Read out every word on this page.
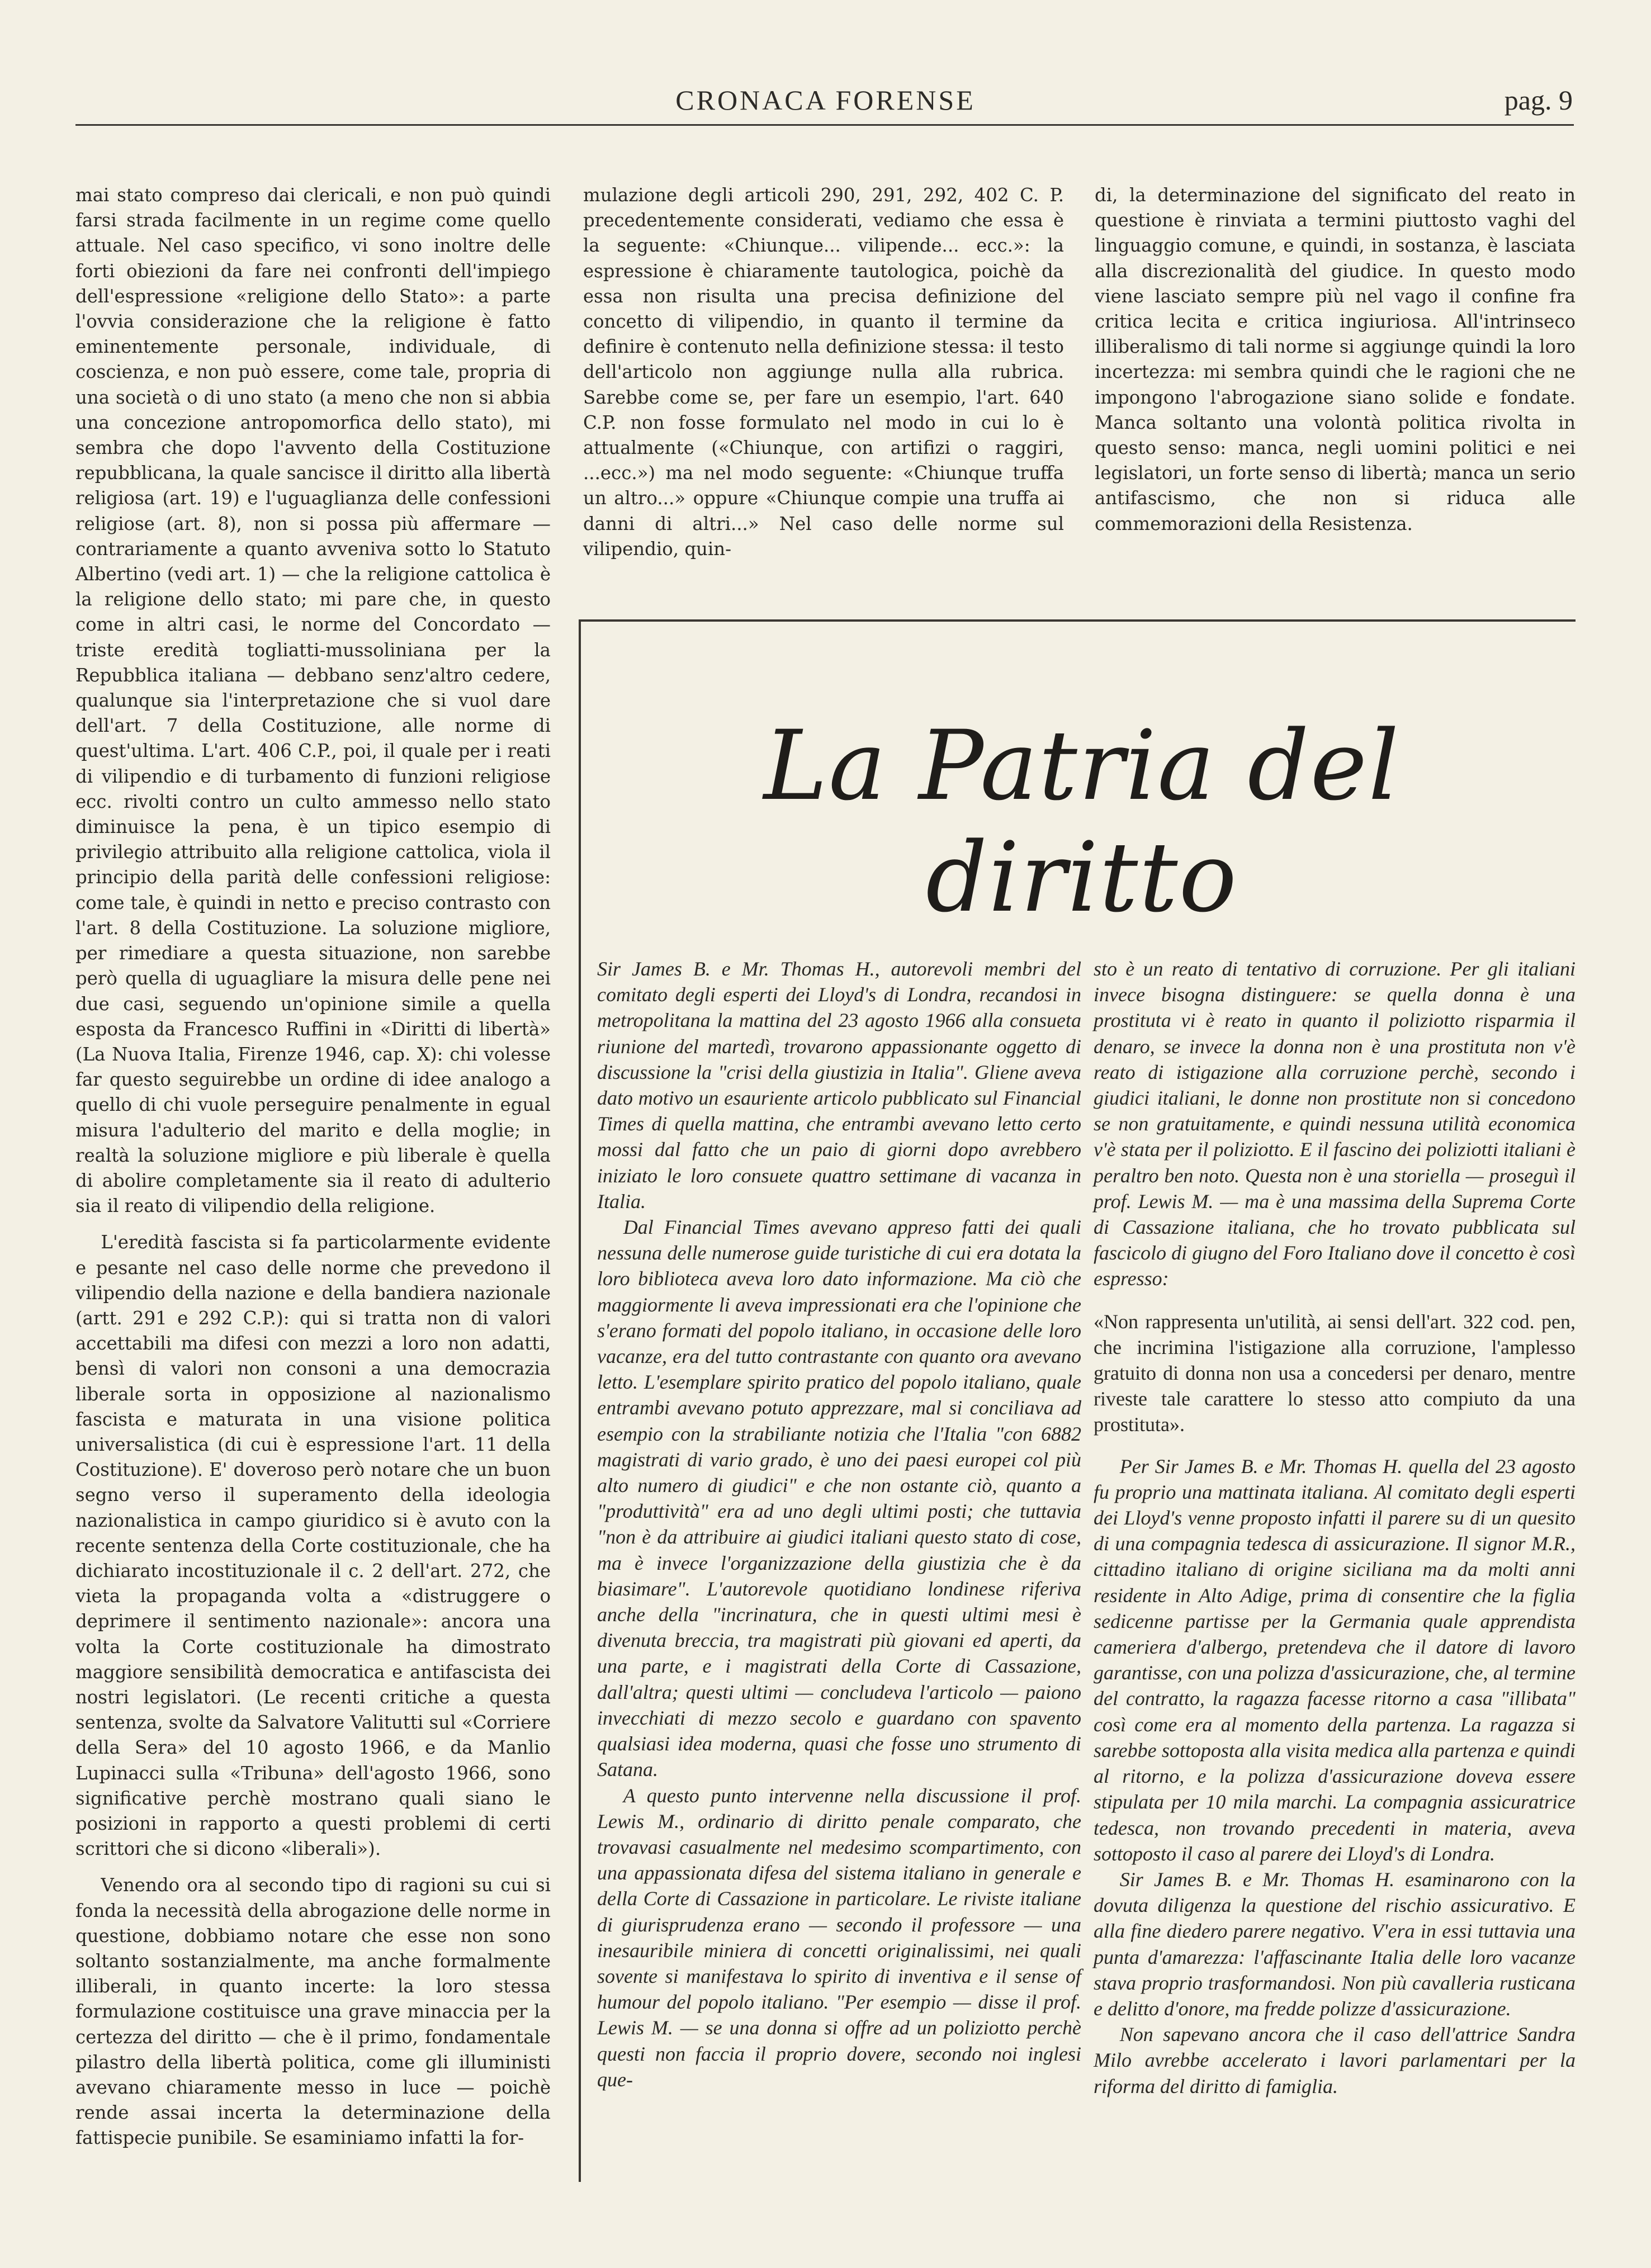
CRONACA FORENSE	pag. 9

mai stato compreso dai clericali, e non può quindi farsi strada facilmente in un regime come quello attuale. Nel caso specifico, vi sono inoltre delle forti obiezioni da fare nei confronti dell'impiego dell'espressione «religione dello Stato»: a parte l'ovvia considerazione che la religione è fatto eminentemente personale, individuale, di coscienza, e non può essere, come tale, propria di una società o di uno stato (a meno che non si abbia una concezione antropomorfica dello stato), mi sembra che dopo l'avvento della Costituzione repubblicana, la quale sancisce il diritto alla libertà religiosa (art. 19) e l'uguaglianza delle confessioni religiose (art. 8), non si possa più affermare — contrariamente a quanto avveniva sotto lo Statuto Albertino (vedi art. 1) — che la religione cattolica è la religione dello stato; mi pare che, in questo come in altri casi, le norme del Concordato — triste eredità togliatti-mussoliniana per la Repubblica italiana — debbano senz'altro cedere, qualunque sia l'interpretazione che si vuol dare dell'art. 7 della Costituzione, alle norme di quest'ultima. L'art. 406 C.P., poi, il quale per i reati di vilipendio e di turbamento di funzioni religiose ecc. rivolti contro un culto ammesso nello stato diminuisce la pena, è un tipico esempio di privilegio attribuito alla religione cattolica, viola il principio della parità delle confessioni religiose: come tale, è quindi in netto e preciso contrasto con l'art. 8 della Costituzione. La soluzione migliore, per rimediare a questa situazione, non sarebbe però quella di uguagliare la misura delle pene nei due casi, seguendo un'opinione simile a quella esposta da Francesco Ruffini in «Diritti di libertà» (La Nuova Italia, Firenze 1946, cap. X): chi volesse far questo seguirebbe un ordine di idee analogo a quello di chi vuole perseguire penalmente in egual misura l'adulterio del marito e della moglie; in realtà la soluzione migliore e più liberale è quella di abolire completamente sia il reato di adulterio sia il reato di vilipendio della religione.

L'eredità fascista si fa particolarmente evidente e pesante nel caso delle norme che prevedono il vilipendio della nazione e della bandiera nazionale (artt. 291 e 292 C.P.): qui si tratta non di valori accettabili ma difesi con mezzi a loro non adatti, bensì di valori non consoni a una democrazia liberale sorta in opposizione al nazionalismo fascista e maturata in una visione politica universalistica (di cui è espressione l'art. 11 della Costituzione). E' doveroso però notare che un buon segno verso il superamento della ideologia nazionalistica in campo giuridico si è avuto con la recente sentenza della Corte costituzionale, che ha dichiarato incostituzionale il c. 2 dell'art. 272, che vieta la propaganda volta a «distruggere o deprimere il sentimento nazionale»: ancora una volta la Corte costituzionale ha dimostrato maggiore sensibilità democratica e antifascista dei nostri legislatori. (Le recenti critiche a questa sentenza, svolte da Salvatore Valitutti sul «Corriere della Sera» del 10 agosto 1966, e da Manlio Lupinacci sulla «Tribuna» dell'agosto 1966, sono significative perchè mostrano quali siano le posizioni in rapporto a questi problemi di certi scrittori che si dicono «liberali»).

Venendo ora al secondo tipo di ragioni su cui si fonda la necessità della abrogazione delle norme in questione, dobbiamo notare che esse non sono soltanto sostanzialmente, ma anche formalmente illiberali, in quanto incerte: la loro stessa formulazione costituisce una grave minaccia per la certezza del diritto — che è il primo, fondamentale pilastro della libertà politica, come gli illuministi avevano chiaramente messo in luce — poichè rende assai incerta la determinazione della fattispecie punibile. Se esaminiamo infatti la for-

mulazione degli articoli 290, 291, 292, 402 C. P. precedentemente considerati, vediamo che essa è la seguente: «Chiunque... vilipende... ecc.»: la espressione è chiaramente tautologica, poichè da essa non risulta una precisa definizione del concetto di vilipendio, in quanto il termine da definire è contenuto nella definizione stessa: il testo dell'articolo non aggiunge nulla alla rubrica. Sarebbe come se, per fare un esempio, l'art. 640 C.P. non fosse formulato nel modo in cui lo è attualmente («Chiunque, con artifizi o raggiri, ...ecc.») ma nel modo seguente: «Chiunque truffa un altro...» oppure «Chiunque compie una truffa ai danni di altri...» Nel caso delle norme sul vilipendio, quin-

di, la determinazione del significato del reato in questione è rinviata a termini piuttosto vaghi del linguaggio comune, e quindi, in sostanza, è lasciata alla discrezionalità del giudice. In questo modo viene lasciato sempre più nel vago il confine fra critica lecita e critica ingiuriosa. All'intrinseco illiberalismo di tali norme si aggiunge quindi la loro incertezza: mi sembra quindi che le ragioni che ne impongono l'abrogazione siano solide e fondate. Manca soltanto una volontà politica rivolta in questo senso: manca, negli uomini politici e nei legislatori, un forte senso di libertà; manca un serio antifascismo, che non si riduca alle commemorazioni della Resistenza.

La Patria del diritto

Sir James B. e Mr. Thomas H., autorevoli membri del comitato degli esperti dei Lloyd's di Londra, recandosi in metropolitana la mattina del 23 agosto 1966 alla consueta riunione del martedì, trovarono appassionante oggetto di discussione la "crisi della giustizia in Italia". Gliene aveva dato motivo un esauriente articolo pubblicato sul Financial Times di quella mattina, che entrambi avevano letto certo mossi dal fatto che un paio di giorni dopo avrebbero iniziato le loro consuete quattro settimane di vacanza in Italia.

Dal Financial Times avevano appreso fatti dei quali nessuna delle numerose guide turistiche di cui era dotata la loro biblioteca aveva loro dato informazione. Ma ciò che maggiormente li aveva impressionati era che l'opinione che s'erano formati del popolo italiano, in occasione delle loro vacanze, era del tutto contrastante con quanto ora avevano letto. L'esemplare spirito pratico del popolo italiano, quale entrambi avevano potuto apprezzare, mal si conciliava ad esempio con la strabiliante notizia che l'Italia "con 6882 magistrati di vario grado, è uno dei paesi europei col più alto numero di giudici" e che non ostante ciò, quanto a "produttività" era ad uno degli ultimi posti; che tuttavia "non è da attribuire ai giudici italiani questo stato di cose, ma è invece l'organizzazione della giustizia che è da biasimare". L'autorevole quotidiano londinese riferiva anche della "incrinatura, che in questi ultimi mesi è divenuta breccia, tra magistrati più giovani ed aperti, da una parte, e i magistrati della Corte di Cassazione, dall'altra; questi ultimi — concludeva l'articolo — paiono invecchiati di mezzo secolo e guardano con spavento qualsiasi idea moderna, quasi che fosse uno strumento di Satana.

A questo punto intervenne nella discussione il prof. Lewis M., ordinario di diritto penale comparato, che trovavasi casualmente nel medesimo scompartimento, con una appassionata difesa del sistema italiano in generale e della Corte di Cassazione in particolare. Le riviste italiane di giurisprudenza erano — secondo il professore — una inesauribile miniera di concetti originalissimi, nei quali sovente si manifestava lo spirito di inventiva e il sense of humour del popolo italiano. "Per esempio — disse il prof. Lewis M. — se una donna si offre ad un poliziotto perchè questi non faccia il proprio dovere, secondo noi inglesi que-

sto è un reato di tentativo di corruzione. Per gli italiani invece bisogna distinguere: se quella donna è una prostituta vi è reato in quanto il poliziotto risparmia il denaro, se invece la donna non è una prostituta non v'è reato di istigazione alla corruzione perchè, secondo i giudici italiani, le donne non prostitute non si concedono se non gratuitamente, e quindi nessuna utilità economica v'è stata per il poliziotto. E il fascino dei poliziotti italiani è peraltro ben noto. Questa non è una storiella — proseguì il prof. Lewis M. — ma è una massima della Suprema Corte di Cassazione italiana, che ho trovato pubblicata sul fascicolo di giugno del Foro Italiano dove il concetto è così espresso:

«Non rappresenta un'utilità, ai sensi dell'art. 322 cod. pen, che incrimina l'istigazione alla corruzione, l'amplesso gratuito di donna non usa a concedersi per denaro, mentre riveste tale carattere lo stesso atto compiuto da una prostituta».

Per Sir James B. e Mr. Thomas H. quella del 23 agosto fu proprio una mattinata italiana. Al comitato degli esperti dei Lloyd's venne proposto infatti il parere su di un quesito di una compagnia tedesca di assicurazione. Il signor M.R., cittadino italiano di origine siciliana ma da molti anni residente in Alto Adige, prima di consentire che la figlia sedicenne partisse per la Germania quale apprendista cameriera d'albergo, pretendeva che il datore di lavoro garantisse, con una polizza d'assicurazione, che, al termine del contratto, la ragazza facesse ritorno a casa "illibata" così come era al momento della partenza. La ragazza si sarebbe sottoposta alla visita medica alla partenza e quindi al ritorno, e la polizza d'assicurazione doveva essere stipulata per 10 mila marchi. La compagnia assicuratrice tedesca, non trovando precedenti in materia, aveva sottoposto il caso al parere dei Lloyd's di Londra.

Sir James B. e Mr. Thomas H. esaminarono con la dovuta diligenza la questione del rischio assicurativo. E alla fine diedero parere negativo. V'era in essi tuttavia una punta d'amarezza: l'affascinante Italia delle loro vacanze stava proprio trasformandosi. Non più cavalleria rusticana e delitto d'onore, ma fredde polizze d'assicurazione.

Non sapevano ancora che il caso dell'attrice Sandra Milo avrebbe accelerato i lavori parlamentari per la riforma del diritto di famiglia.
